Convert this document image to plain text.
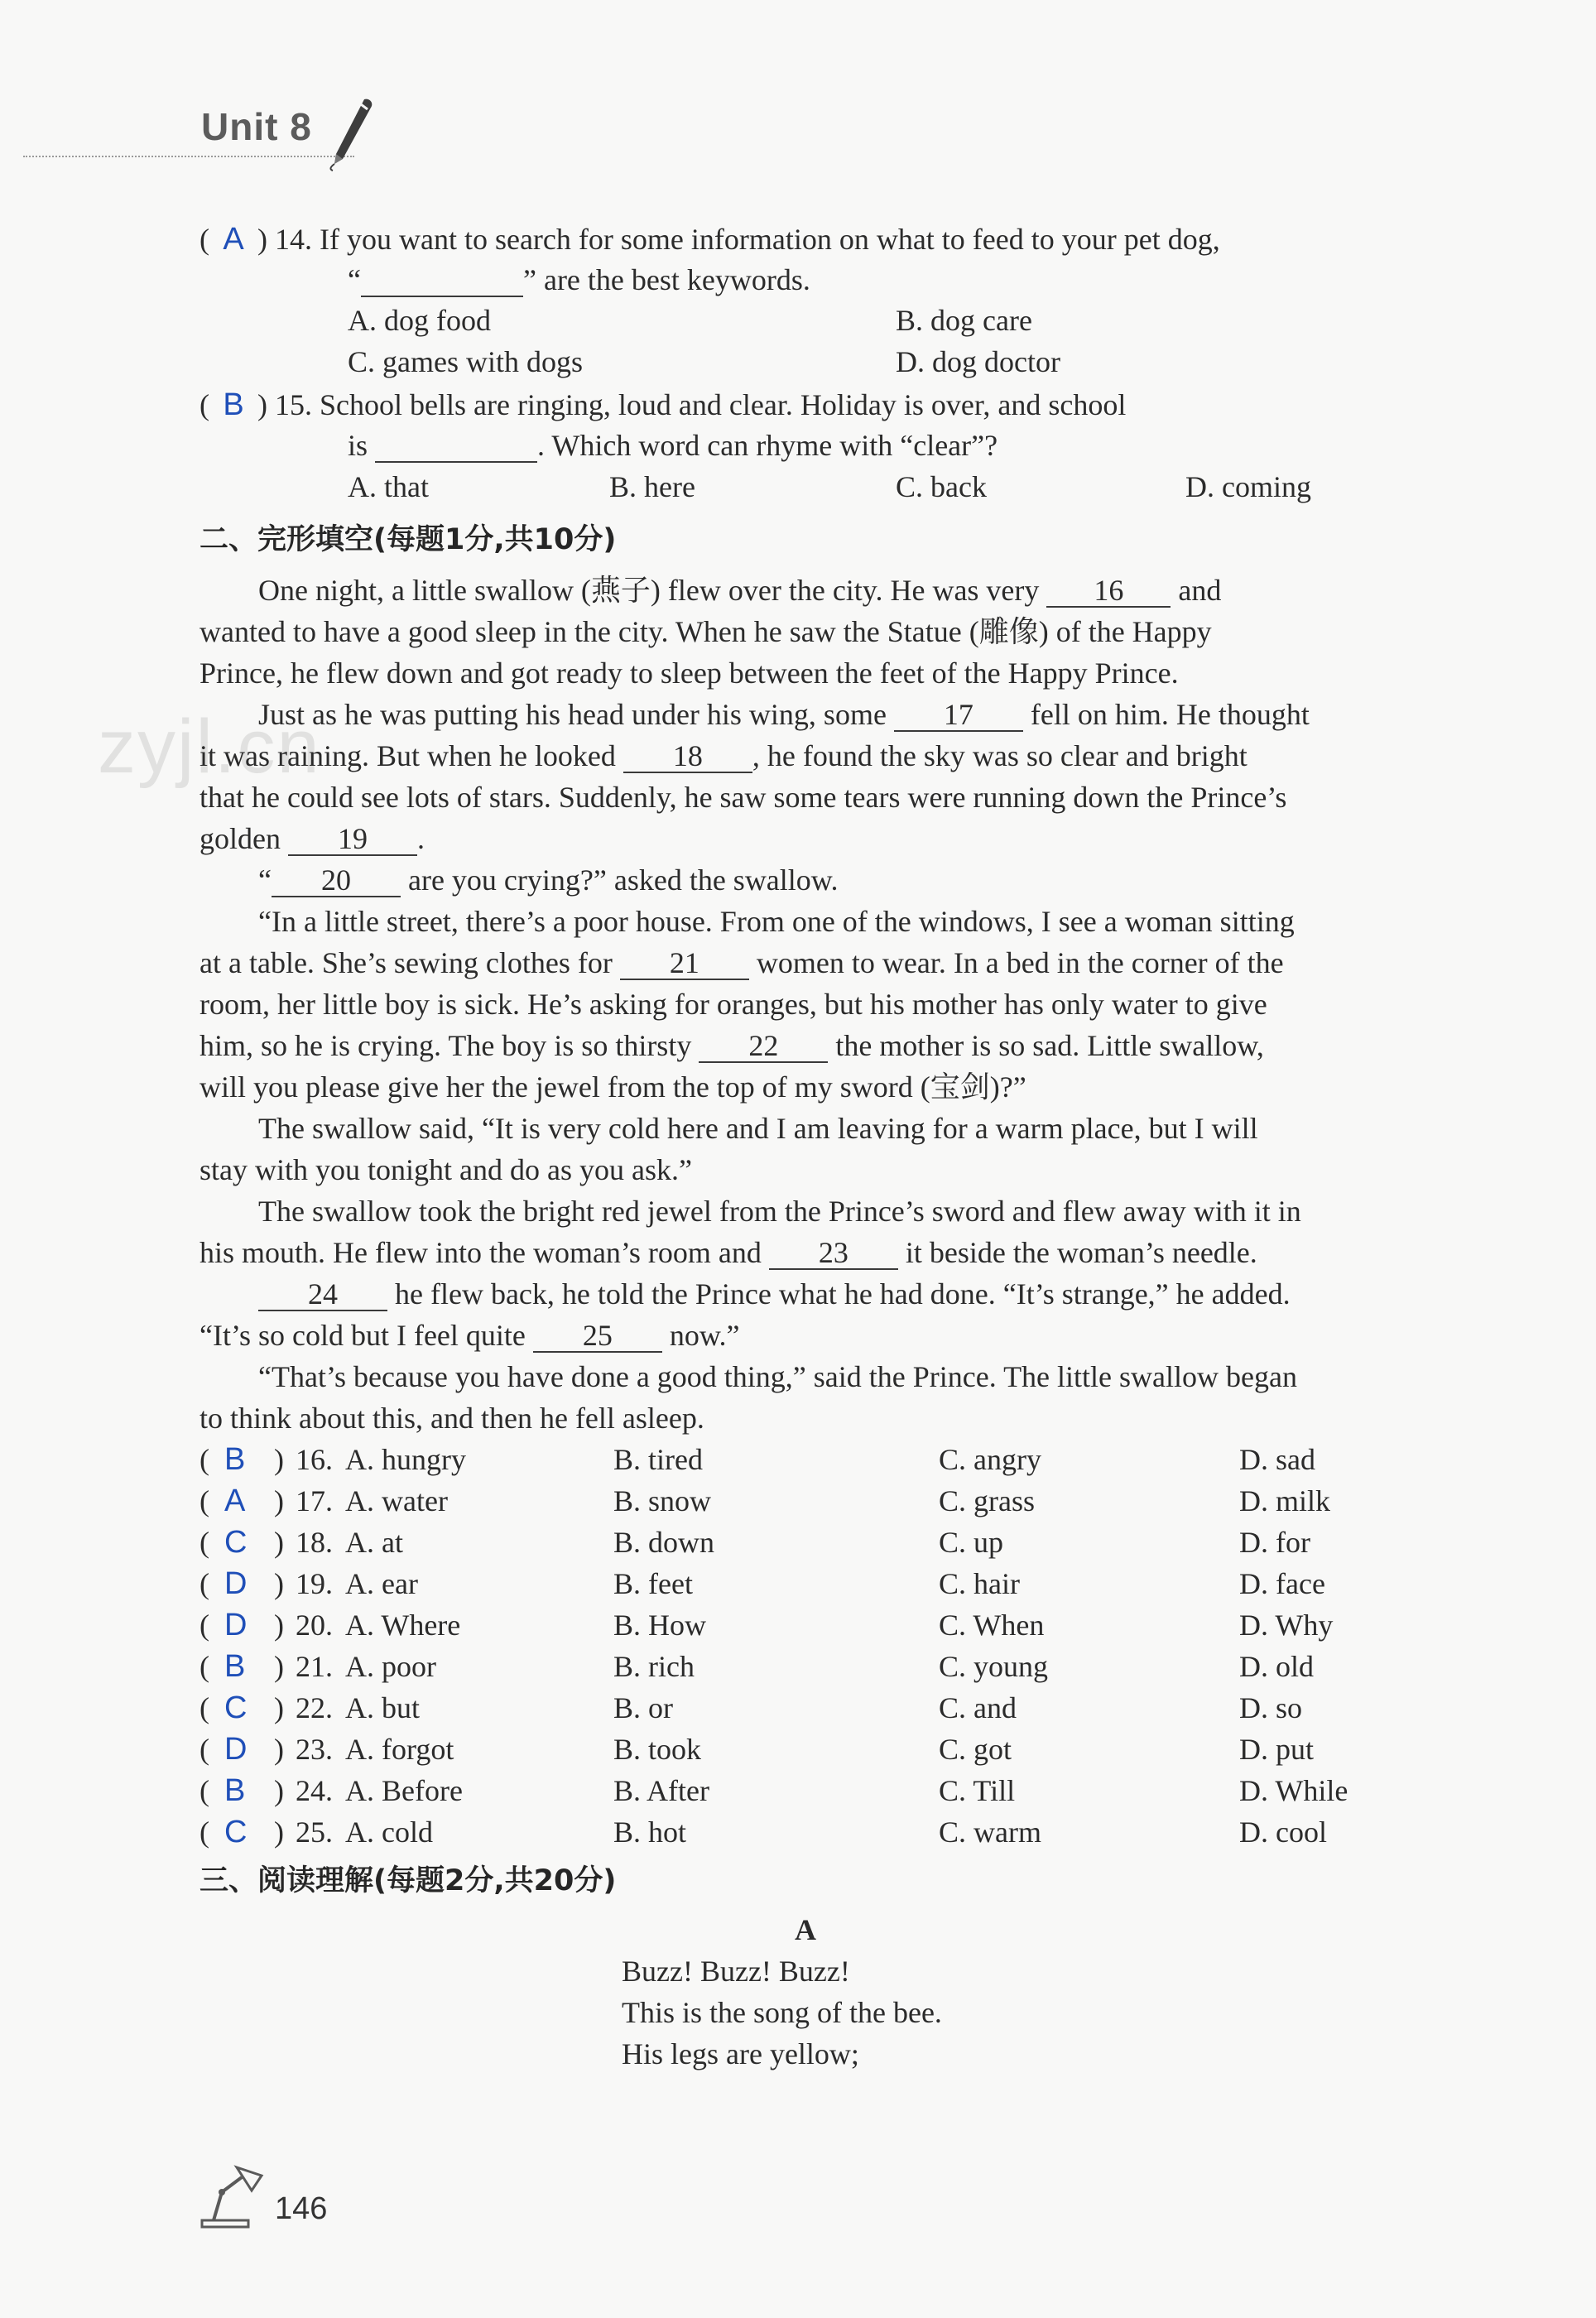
Unit 8
zyjl.cn
( A ) 14. If you want to search for some information on what to feed to your pet dog,
“	” are the best keywords.
A. dog food	B. dog care
C. games with dogs	D. dog doctor
( B ) 15. School bells are ringing, loud and clear. Holiday is over, and school
is	. Which word can rhyme with “clear”?
A. that	B. here	C. back	D. coming
二、完形填空(每题1分,共10分)
One night, a little swallow (燕子) flew over the city. He was very 16 and
wanted to have a good sleep in the city. When he saw the Statue (雕像) of the Happy
Prince, he flew down and got ready to sleep between the feet of the Happy Prince.
Just as he was putting his head under his wing, some 17 fell on him. He thought
it was raining. But when he looked 18 , he found the sky was so clear and bright
that he could see lots of stars. Suddenly, he saw some tears were running down the Prince’s
golden 19 .
“ 20 are you crying?” asked the swallow.
“In a little street, there’s a poor house. From one of the windows, I see a woman sitting
at a table. She’s sewing clothes for 21 women to wear. In a bed in the corner of the
room, her little boy is sick. He’s asking for oranges, but his mother has only water to give
him, so he is crying. The boy is so thirsty 22 the mother is so sad. Little swallow,
will you please give her the jewel from the top of my sword (宝剑)?”
The swallow said, “It is very cold here and I am leaving for a warm place, but I will
stay with you tonight and do as you ask.”
The swallow took the bright red jewel from the Prince’s sword and flew away with it in
his mouth. He flew into the woman’s room and 23 it beside the woman’s needle.
24 he flew back, he told the Prince what he had done. “It’s strange,” he added.
“It’s so cold but I feel quite 25 now.”
“That’s because you have done a good thing,” said the Prince. The little swallow began
to think about this, and then he fell asleep.
( B ) 16. A. hungry	B. tired	C. angry	D. sad
( A ) 17. A. water	B. snow	C. grass	D. milk
( C ) 18. A. at	B. down	C. up	D. for
( D ) 19. A. ear	B. feet	C. hair	D. face
( D ) 20. A. Where	B. How	C. When	D. Why
( B ) 21. A. poor	B. rich	C. young	D. old
( C ) 22. A. but	B. or	C. and	D. so
( D ) 23. A. forgot	B. took	C. got	D. put
( B ) 24. A. Before	B. After	C. Till	D. While
( C ) 25. A. cold	B. hot	C. warm	D. cool
三、阅读理解(每题2分,共20分)
A
Buzz! Buzz! Buzz!
This is the song of the bee.
His legs are yellow;
146
